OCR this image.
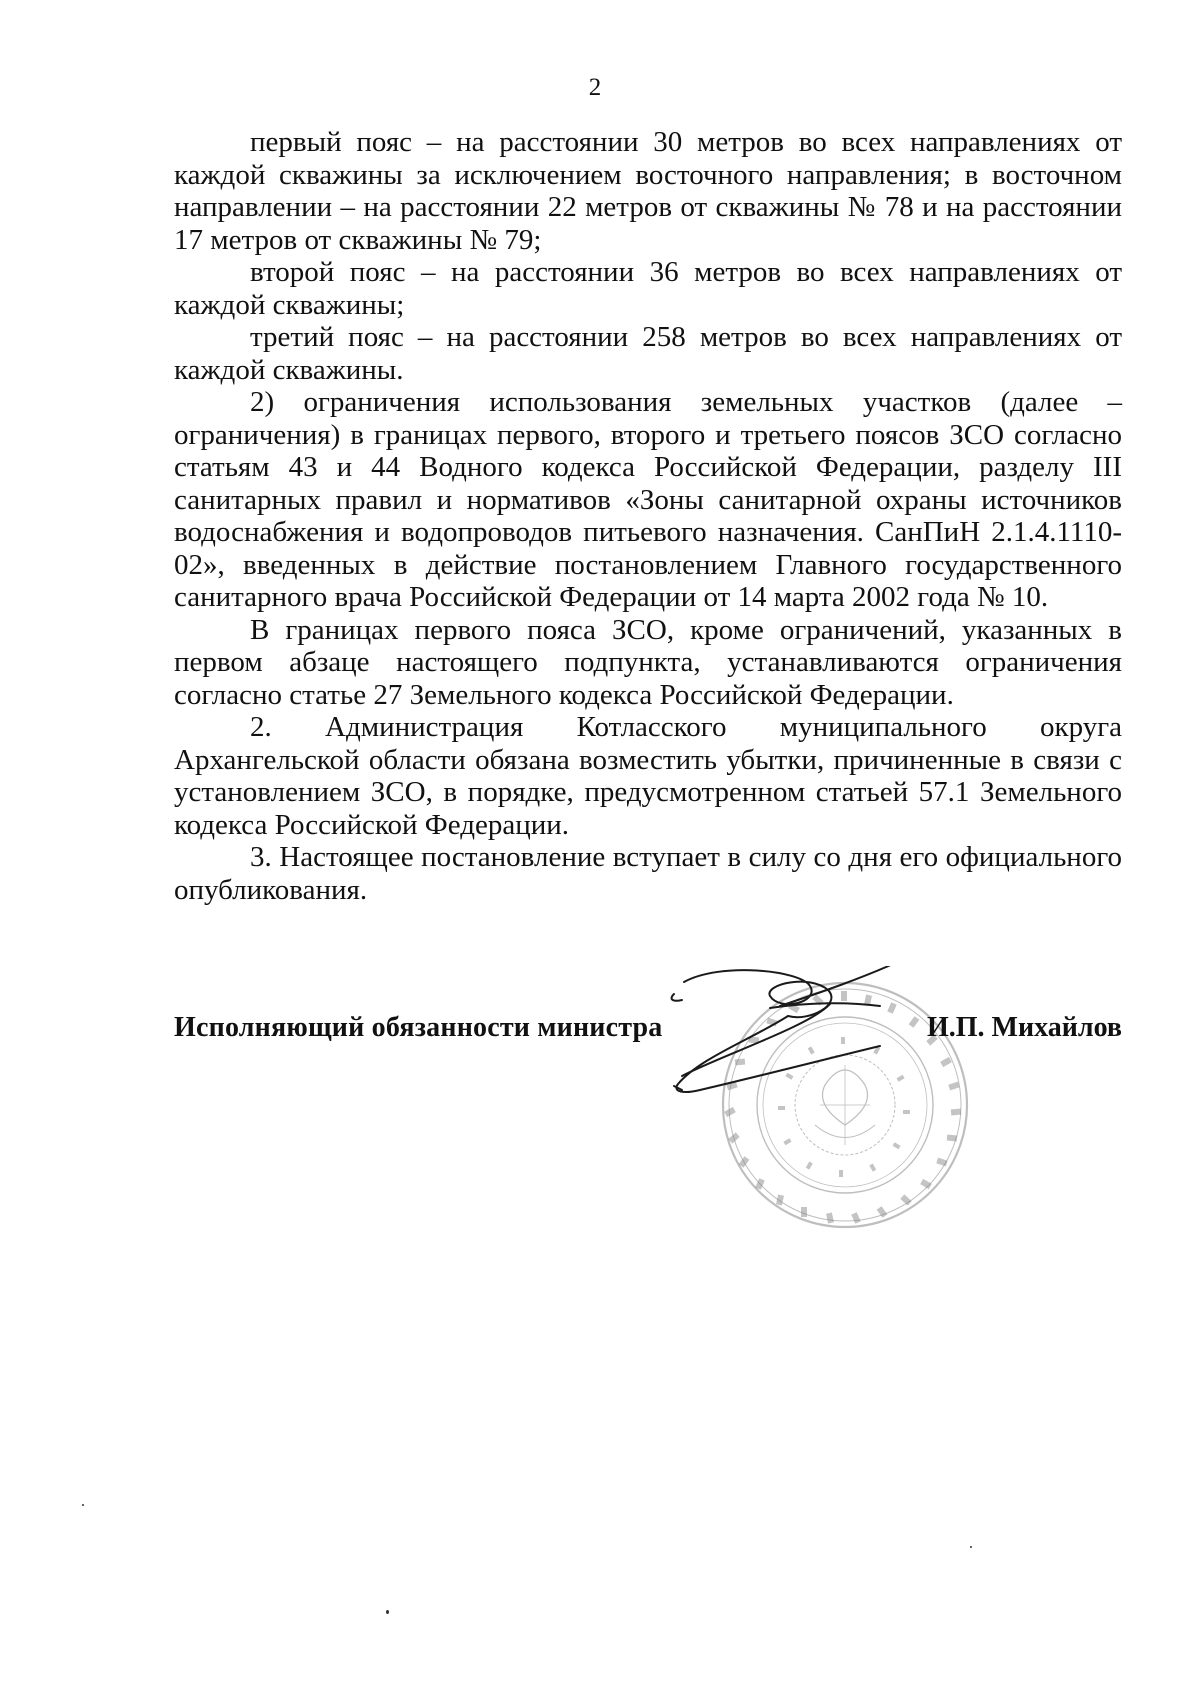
2

первый пояс – на расстоянии 30 метров во всех направлениях от каждой скважины за исключением восточного направления; в восточном направлении – на расстоянии 22 метров от скважины № 78 и на расстоянии 17 метров от скважины № 79;

второй пояс – на расстоянии 36 метров во всех направлениях от каждой скважины;

третий пояс – на расстоянии 258 метров во всех направлениях от каждой скважины.

2) ограничения использования земельных участков (далее – ограничения) в границах первого, второго и третьего поясов ЗСО согласно статьям 43 и 44 Водного кодекса Российской Федерации, разделу III санитарных правил и нормативов «Зоны санитарной охраны источников водоснабжения и водопроводов питьевого назначения. СанПиН 2.1.4.1110-02», введенных в действие постановлением Главного государственного санитарного врача Российской Федерации от 14 марта 2002 года № 10.

В границах первого пояса ЗСО, кроме ограничений, указанных в первом абзаце настоящего подпункта, устанавливаются ограничения согласно статье 27 Земельного кодекса Российской Федерации.

2. Администрация Котласского муниципального округа Архангельской области обязана возместить убытки, причиненные в связи с установлением ЗСО, в порядке, предусмотренном статьей 57.1 Земельного кодекса Российской Федерации.

3. Настоящее постановление вступает в силу со дня его официального опубликования.

Исполняющий обязанности министра	И.П. Михайлов
